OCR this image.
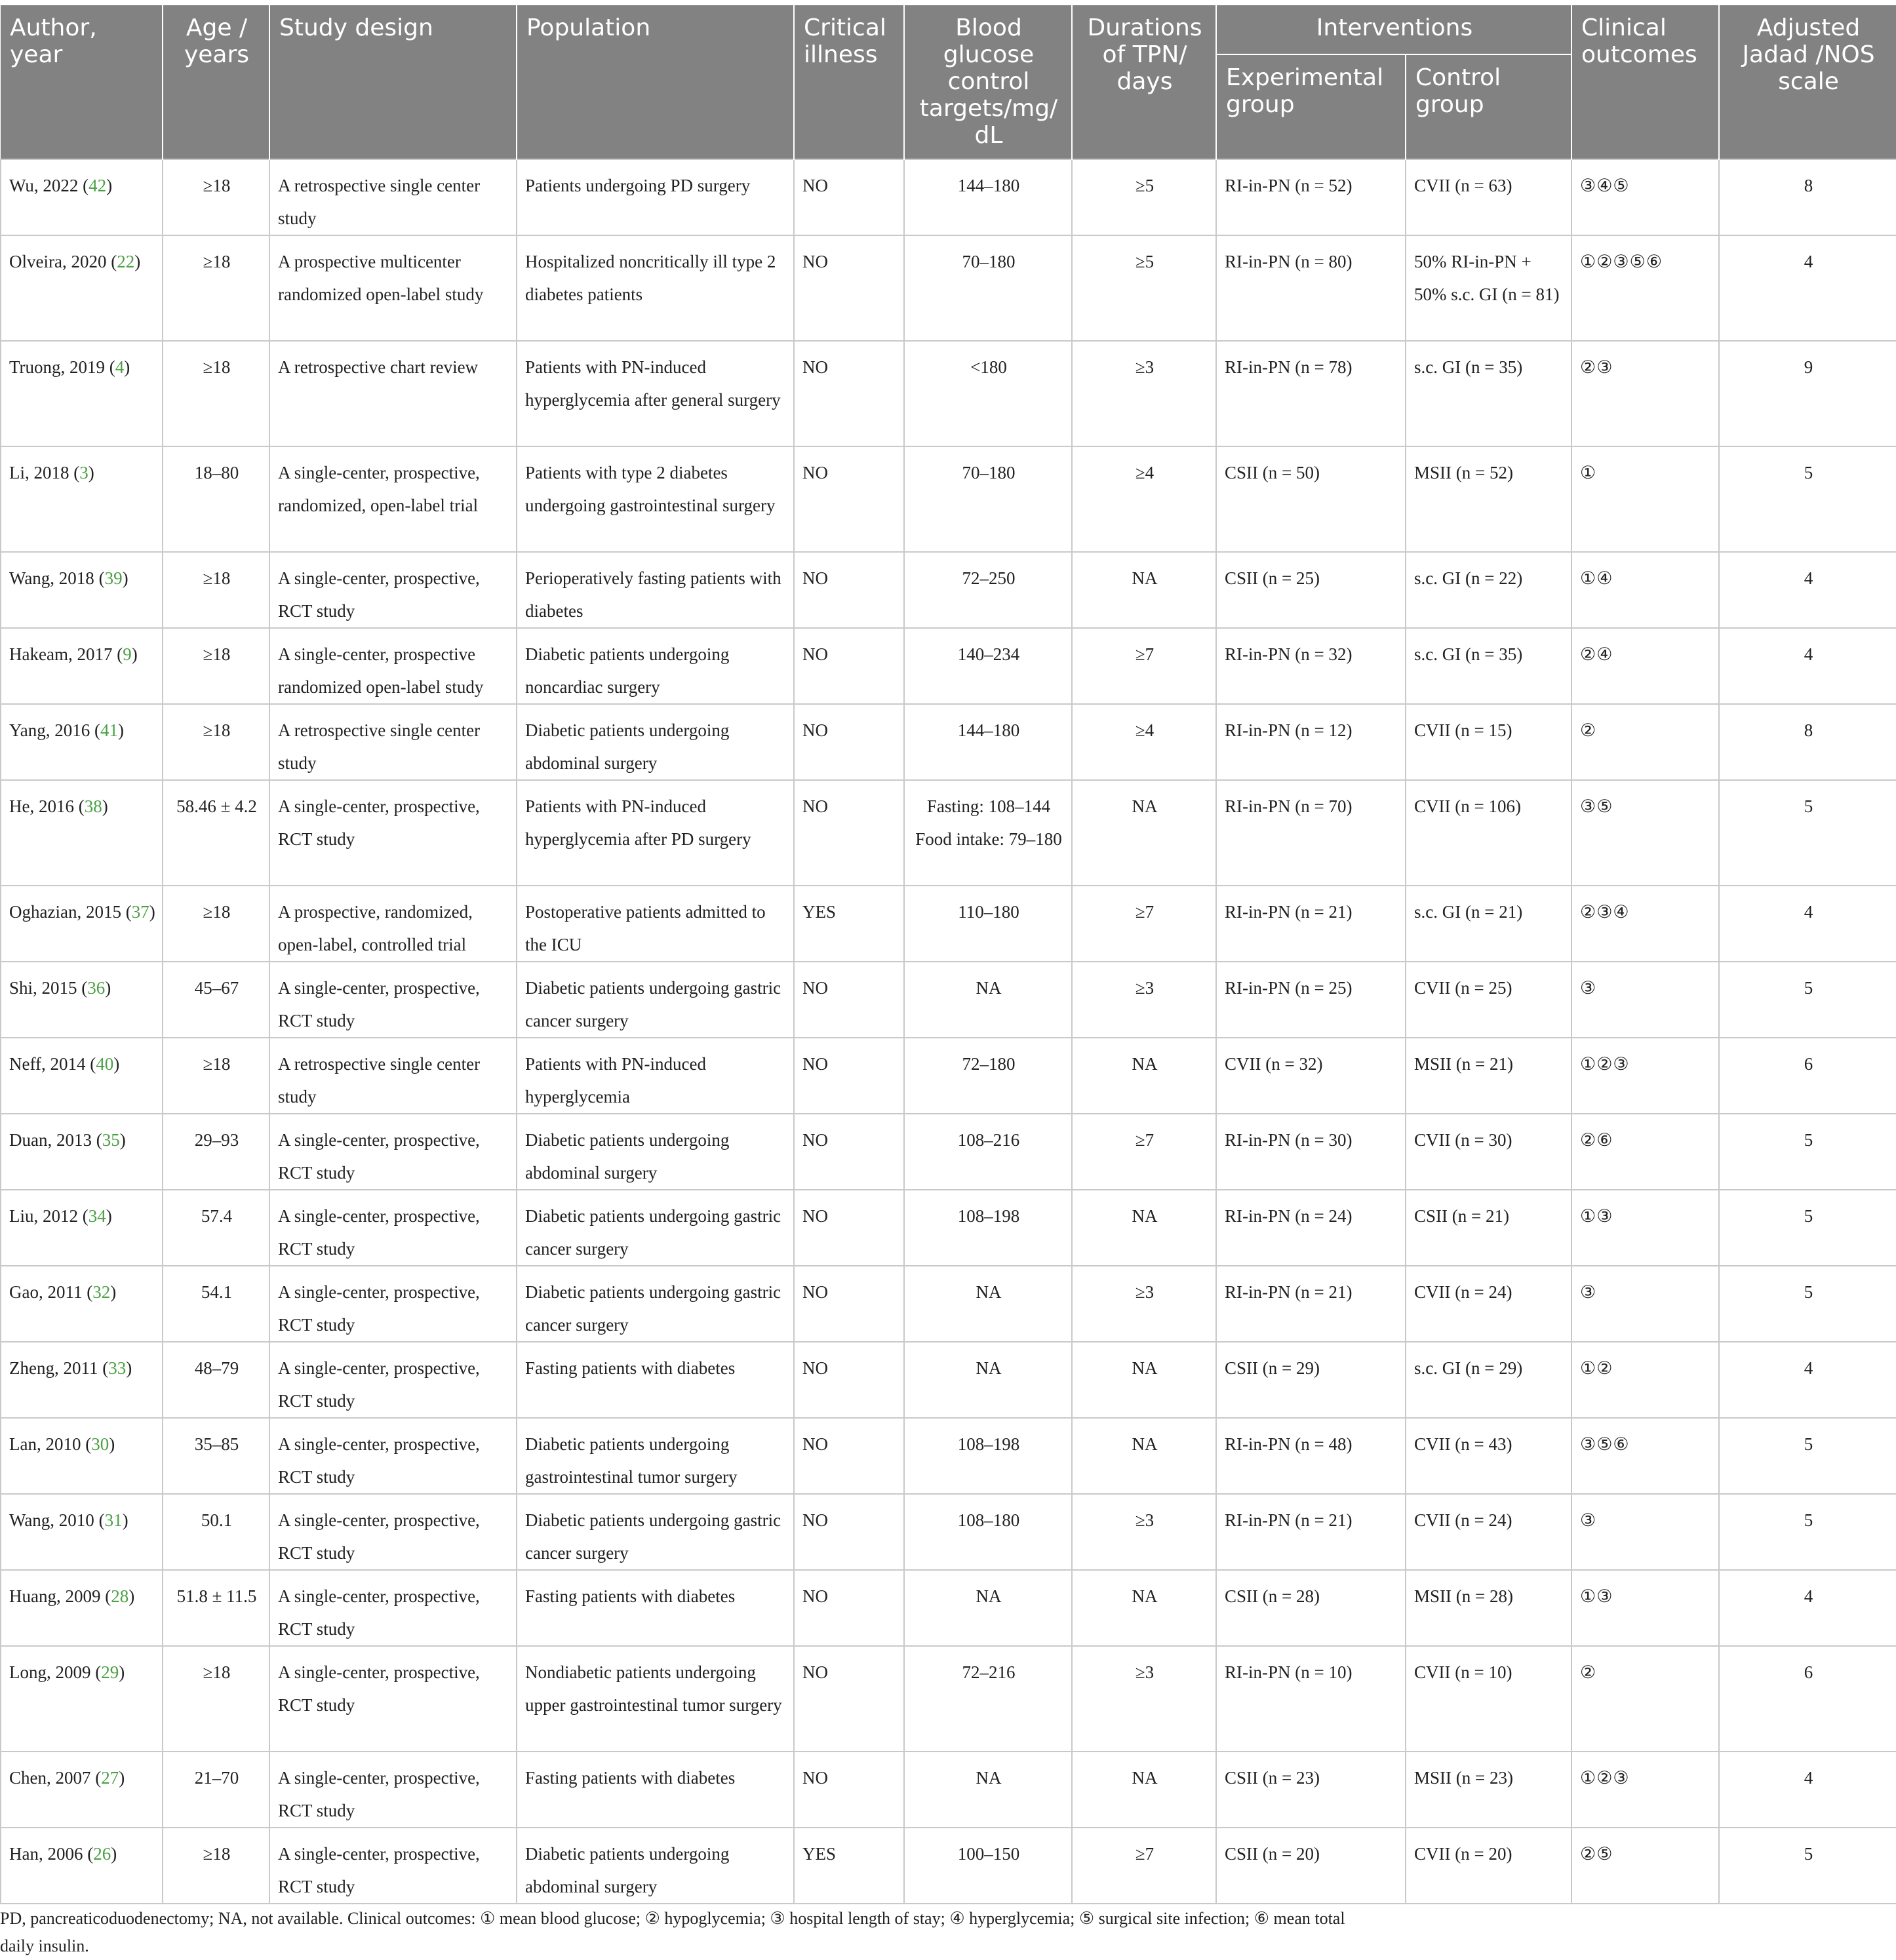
Author, year	Age / years	Study design	Population	Critical illness	Blood glucose control targets/mg/ dL	Durations of TPN/ days	Interventions		Clinical outcomes	Adjusted Jadad /NOS scale
							Experimental group	Control group		
Wu, 2022 (42)	≥18	A retrospective single center study	Patients undergoing PD surgery	NO	144–180	≥5	RI-in-PN (n = 52)	CVII (n = 63)	③④⑤	8
Olveira, 2020 (22)	≥18	A prospective multicenter randomized open-label study	Hospitalized noncritically ill type 2 diabetes patients	NO	70–180	≥5	RI-in-PN (n = 80)	50% RI-in-PN + 50% s.c. GI (n = 81)	①②③⑤⑥	4
Truong, 2019 (4)	≥18	A retrospective chart review	Patients with PN-induced hyperglycemia after general surgery	NO	<180	≥3	RI-in-PN (n = 78)	s.c. GI (n = 35)	②③	9
Li, 2018 (3)	18–80	A single-center, prospective, randomized, open-label trial	Patients with type 2 diabetes undergoing gastrointestinal surgery	NO	70–180	≥4	CSII (n = 50)	MSII (n = 52)	①	5
Wang, 2018 (39)	≥18	A single-center, prospective, RCT study	Perioperatively fasting patients with diabetes	NO	72–250	NA	CSII (n = 25)	s.c. GI (n = 22)	①④	4
Hakeam, 2017 (9)	≥18	A single-center, prospective randomized open-label study	Diabetic patients undergoing noncardiac surgery	NO	140–234	≥7	RI-in-PN (n = 32)	s.c. GI (n = 35)	②④	4
Yang, 2016 (41)	≥18	A retrospective single center study	Diabetic patients undergoing abdominal surgery	NO	144–180	≥4	RI-in-PN (n = 12)	CVII (n = 15)	②	8
He, 2016 (38)	58.46 ± 4.2	A single-center, prospective, RCT study	Patients with PN-induced hyperglycemia after PD surgery	NO	Fasting: 108–144 Food intake: 79–180	NA	RI-in-PN (n = 70)	CVII (n = 106)	③⑤	5
Oghazian, 2015 (37)	≥18	A prospective, randomized, open-label, controlled trial	Postoperative patients admitted to the ICU	YES	110–180	≥7	RI-in-PN (n = 21)	s.c. GI (n = 21)	②③④	4
Shi, 2015 (36)	45–67	A single-center, prospective, RCT study	Diabetic patients undergoing gastric cancer surgery	NO	NA	≥3	RI-in-PN (n = 25)	CVII (n = 25)	③	5
Neff, 2014 (40)	≥18	A retrospective single center study	Patients with PN-induced hyperglycemia	NO	72–180	NA	CVII (n = 32)	MSII (n = 21)	①②③	6
Duan, 2013 (35)	29–93	A single-center, prospective, RCT study	Diabetic patients undergoing abdominal surgery	NO	108–216	≥7	RI-in-PN (n = 30)	CVII (n = 30)	②⑥	5
Liu, 2012 (34)	57.4	A single-center, prospective, RCT study	Diabetic patients undergoing gastric cancer surgery	NO	108–198	NA	RI-in-PN (n = 24)	CSII (n = 21)	①③	5
Gao, 2011 (32)	54.1	A single-center, prospective, RCT study	Diabetic patients undergoing gastric cancer surgery	NO	NA	≥3	RI-in-PN (n = 21)	CVII (n = 24)	③	5
Zheng, 2011 (33)	48–79	A single-center, prospective, RCT study	Fasting patients with diabetes	NO	NA	NA	CSII (n = 29)	s.c. GI (n = 29)	①②	4
Lan, 2010 (30)	35–85	A single-center, prospective, RCT study	Diabetic patients undergoing gastrointestinal tumor surgery	NO	108–198	NA	RI-in-PN (n = 48)	CVII (n = 43)	③⑤⑥	5
Wang, 2010 (31)	50.1	A single-center, prospective, RCT study	Diabetic patients undergoing gastric cancer surgery	NO	108–180	≥3	RI-in-PN (n = 21)	CVII (n = 24)	③	5
Huang, 2009 (28)	51.8 ± 11.5	A single-center, prospective, RCT study	Fasting patients with diabetes	NO	NA	NA	CSII (n = 28)	MSII (n = 28)	①③	4
Long, 2009 (29)	≥18	A single-center, prospective, RCT study	Nondiabetic patients undergoing upper gastrointestinal tumor surgery	NO	72–216	≥3	RI-in-PN (n = 10)	CVII (n = 10)	②	6
Chen, 2007 (27)	21–70	A single-center, prospective, RCT study	Fasting patients with diabetes	NO	NA	NA	CSII (n = 23)	MSII (n = 23)	①②③	4
Han, 2006 (26)	≥18	A single-center, prospective, RCT study	Diabetic patients undergoing abdominal surgery	YES	100–150	≥7	CSII (n = 20)	CVII (n = 20)	②⑤	5
PD, pancreaticoduodenectomy; NA, not available. Clinical outcomes: ① mean blood glucose; ② hypoglycemia; ③ hospital length of stay; ④ hyperglycemia; ⑤ surgical site infection; ⑥ mean total daily insulin.
